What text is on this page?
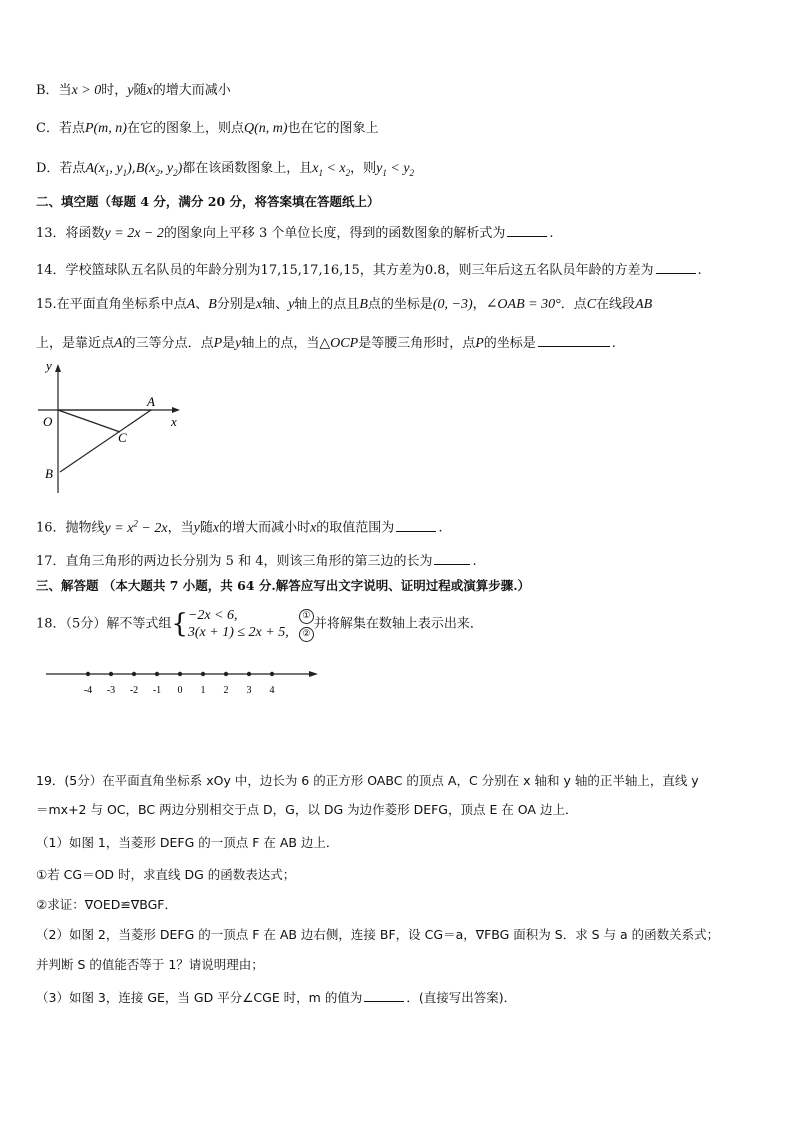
B．当x > 0时，y随x的增大而减小
C．若点P(m, n)在它的图象上，则点Q(n, m)也在它的图象上
D．若点$A(x_1$, $y_1),B(x_2$, $y_2$)都在该函数图象上，且$x_1 < x_2$，则$y_1 < y_2$
二、填空题（每题 4 分，满分 20 分，将答案填在答题纸上）
13．将函数y = 2x − 2的图象向上平移 3 个单位长度，得到的函数图象的解析式为	.
14．学校篮球队五名队员的年龄分别为17,15,17,16,15，其方差为0.8，则三年后这五名队员年龄的方差为	.
15.在平面直角坐标系中点A、B分别是x轴、y轴上的点且B点的坐标是(0, −3)，∠OAB = 30°．点C在线段AB
上，是靠近点A的三等分点．点P是y轴上的点，当△OCP是等腰三角形时，点P的坐标是	.
y
x
O
A
B
C
16．抛物线$y = x^2 - 2x$，当y随x的增大而减小时x的取值范围为	.
17．直角三角形的两边长分别为 5 和 4，则该三角形的第三边的长为	.
三、解答题 （本大题共 7 小题，共 64 分.解答应写出文字说明、证明过程或演算步骤.）
18．（5分）解不等式组{−2x < 6,
3(x + 1) ≤ 2x + 5, ①
②并将解集在数轴上表示出来．
-4 -3 -2 -1 0 1 2 3 4
19．(5分）在平面直角坐标系 xOy 中，边长为 6 的正方形 OABC 的顶点 A，C 分别在 x 轴和 y 轴的正半轴上，直线 y
＝mx+2 与 OC，BC 两边分别相交于点 D，G，以 DG 为边作菱形 DEFG，顶点 E 在 OA 边上．
（1）如图 1，当菱形 DEFG 的一顶点 F 在 AB 边上．
①若 CG＝OD 时，求直线 DG 的函数表达式；
②求证：∇OED≌∇BGF．
（2）如图 2，当菱形 DEFG 的一顶点 F 在 AB 边右侧，连接 BF，设 CG＝a，∇FBG 面积为 S．求 S 与 a 的函数关系式；
并判断 S 的值能否等于 1？请说明理由；
（3）如图 3，连接 GE，当 GD 平分∠CGE 时，m 的值为	．(直接写出答案)．
